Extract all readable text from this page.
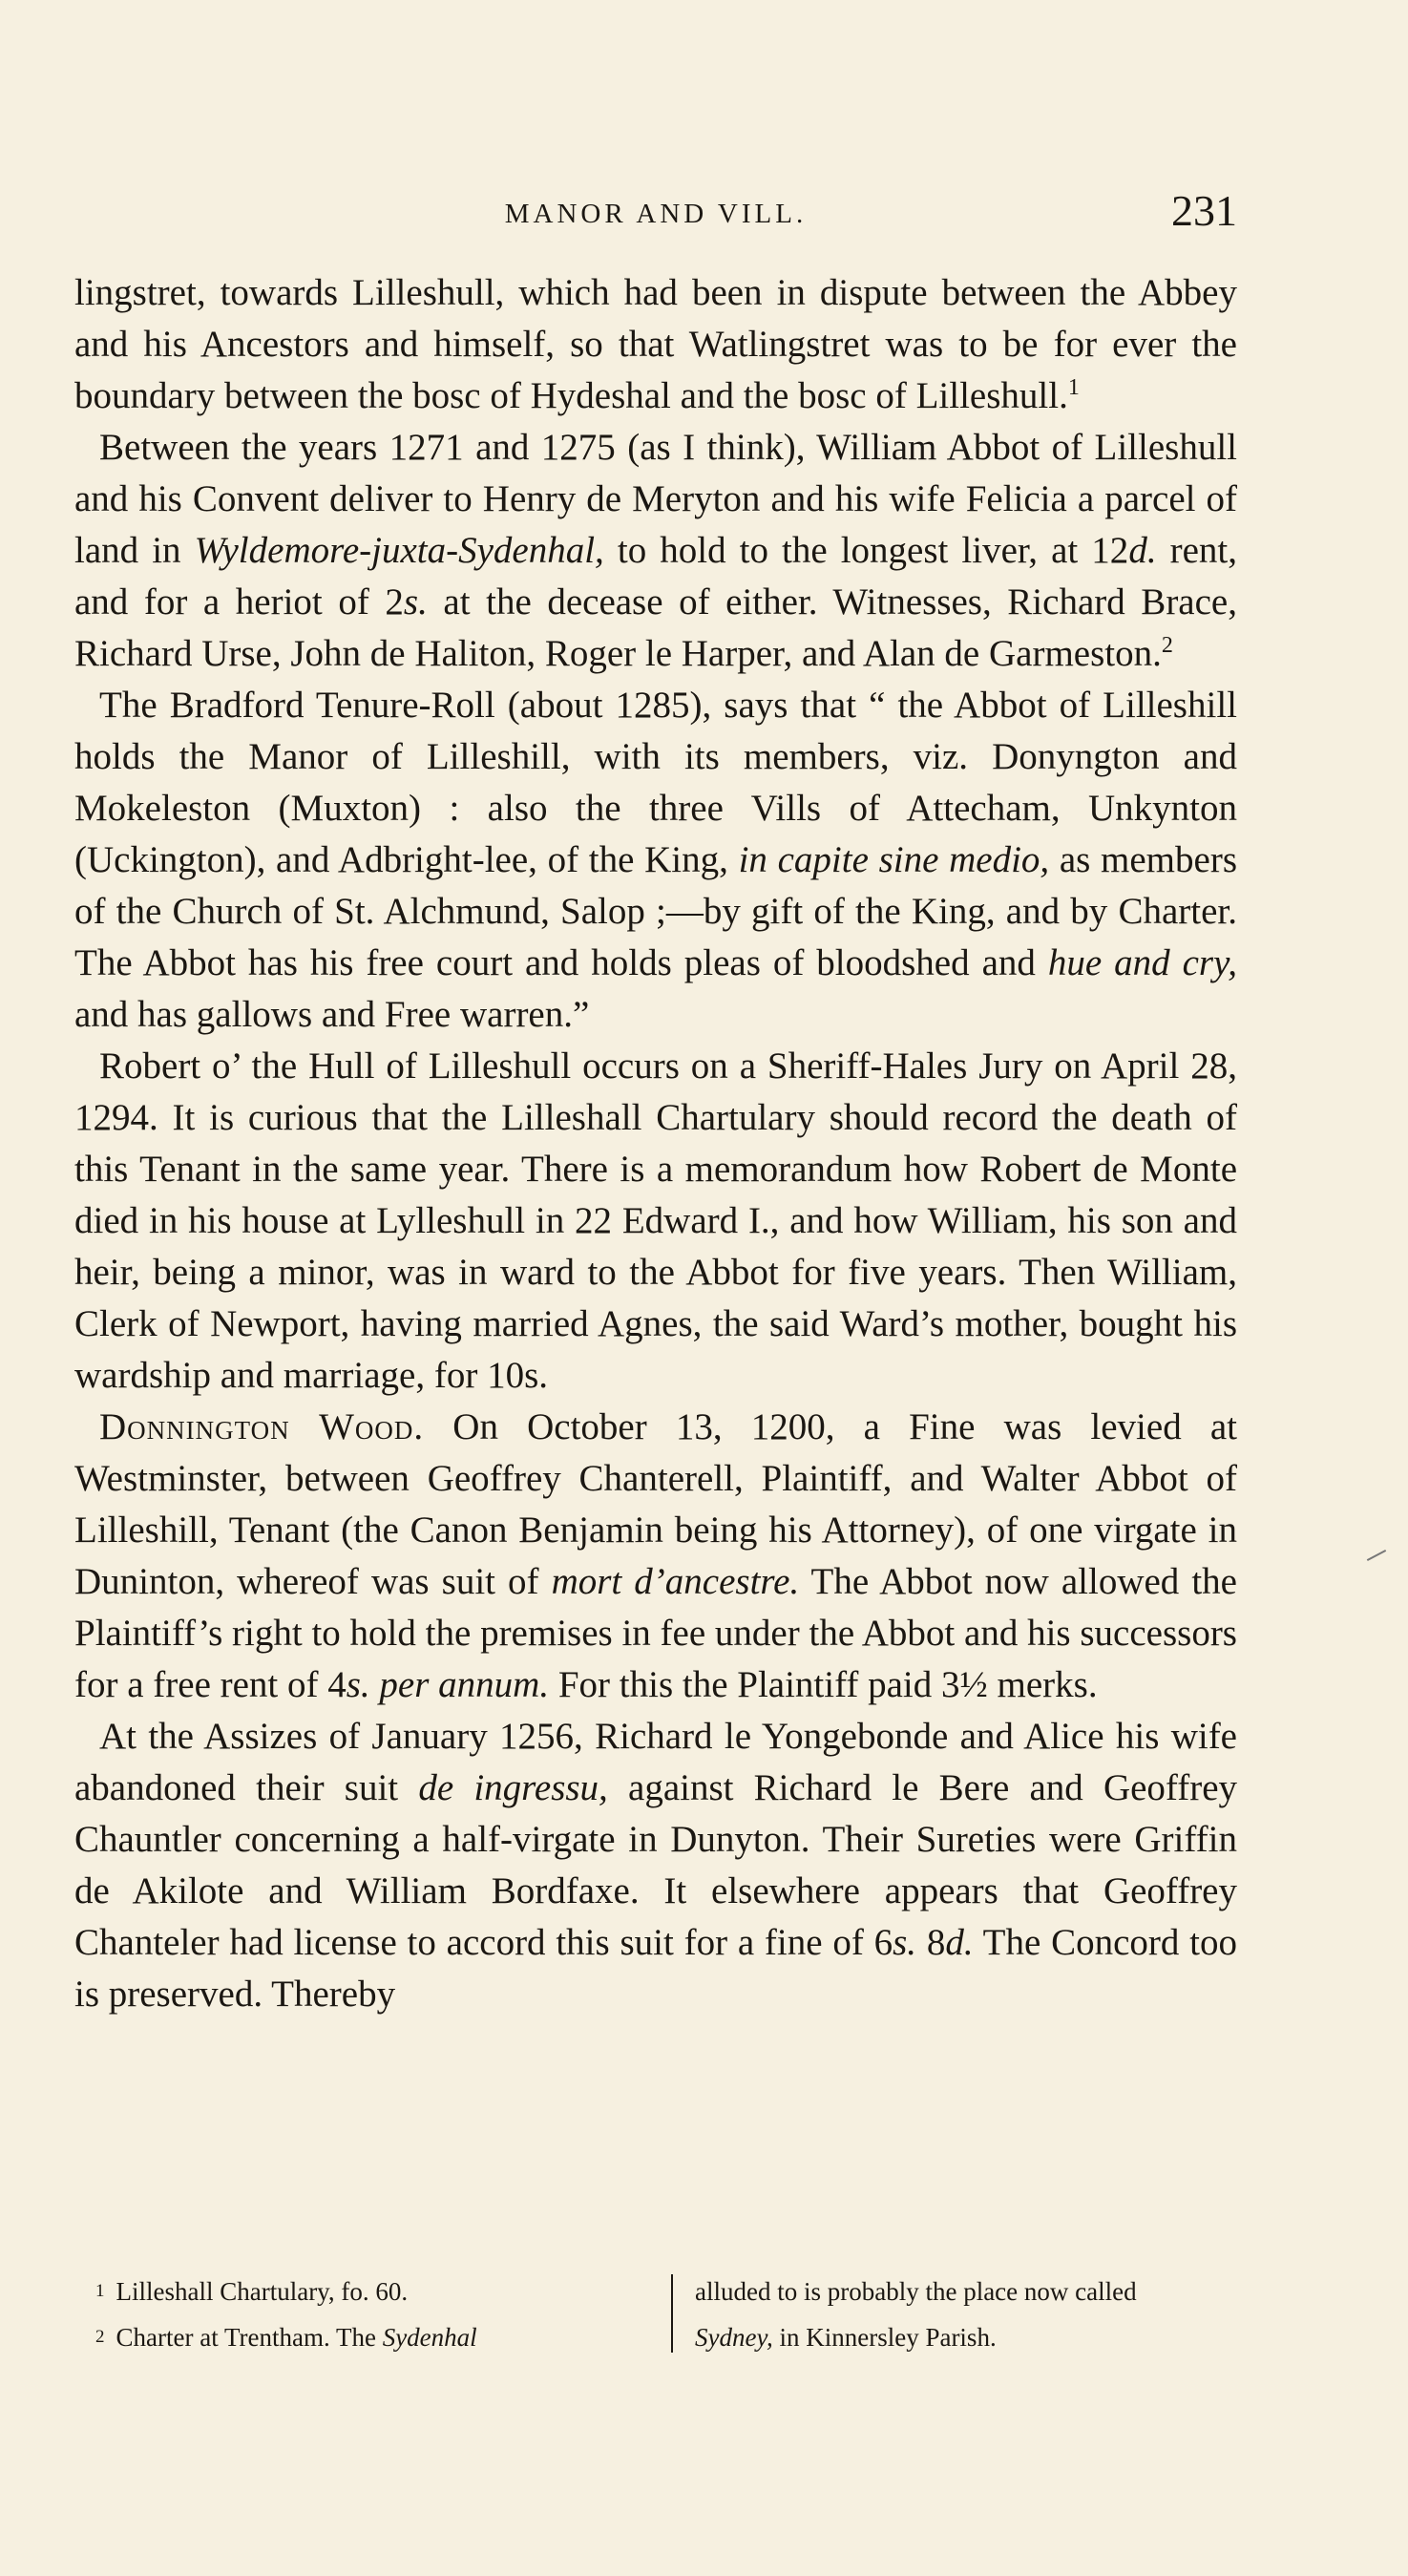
MANOR AND VILL.	231

lingstret, towards Lilleshull, which had been in dispute between the Abbey and his Ancestors and himself, so that Watlingstret was to be for ever the boundary between the bosc of Hydeshal and the bosc of Lilleshull.$^1$

Between the years 1271 and 1275 (as I think), William Abbot of Lilleshull and his Convent deliver to Henry de Meryton and his wife Felicia a parcel of land in Wyldemore-juxta-Sydenhal, to hold to the longest liver, at 12d. rent, and for a heriot of 2s. at the decease of either. Witnesses, Richard Brace, Richard Urse, John de Haliton, Roger le Harper, and Alan de Garmeston.$^2$

The Bradford Tenure-Roll (about 1285), says that “ the Abbot of Lilleshill holds the Manor of Lilleshill, with its members, viz. Donyngton and Mokeleston (Muxton) : also the three Vills of Attecham, Unkynton (Uckington), and Adbright-lee, of the King, in capite sine medio, as members of the Church of St. Alchmund, Salop ;—by gift of the King, and by Charter. The Abbot has his free court and holds pleas of bloodshed and hue and cry, and has gallows and Free warren.”

Robert o’ the Hull of Lilleshull occurs on a Sheriff-Hales Jury on April 28, 1294. It is curious that the Lilleshall Chartulary should record the death of this Tenant in the same year. There is a memorandum how Robert de Monte died in his house at Lylleshull in 22 Edward I., and how William, his son and heir, being a minor, was in ward to the Abbot for five years. Then William, Clerk of Newport, having married Agnes, the said Ward’s mother, bought his wardship and marriage, for 10s.

Donnington Wood. On October 13, 1200, a Fine was levied at Westminster, between Geoffrey Chanterell, Plaintiff, and Walter Abbot of Lilleshill, Tenant (the Canon Benjamin being his Attorney), of one virgate in Duninton, whereof was suit of mort d’ancestre. The Abbot now allowed the Plaintiff’s right to hold the premises in fee under the Abbot and his successors for a free rent of 4s. per annum. For this the Plaintiff paid 3½ merks.

At the Assizes of January 1256, Richard le Yongebonde and Alice his wife abandoned their suit de ingressu, against Richard le Bere and Geoffrey Chauntler concerning a half-virgate in Dunyton. Their Sureties were Griffin de Akilote and William Bordfaxe. It elsewhere appears that Geoffrey Chanteler had license to accord this suit for a fine of 6s. 8d. The Concord too is preserved. Thereby

1 Lilleshall Chartulary, fo. 60.
2 Charter at Trentham. The Sydenhal
alluded to is probably the place now called
Sydney, in Kinnersley Parish.
